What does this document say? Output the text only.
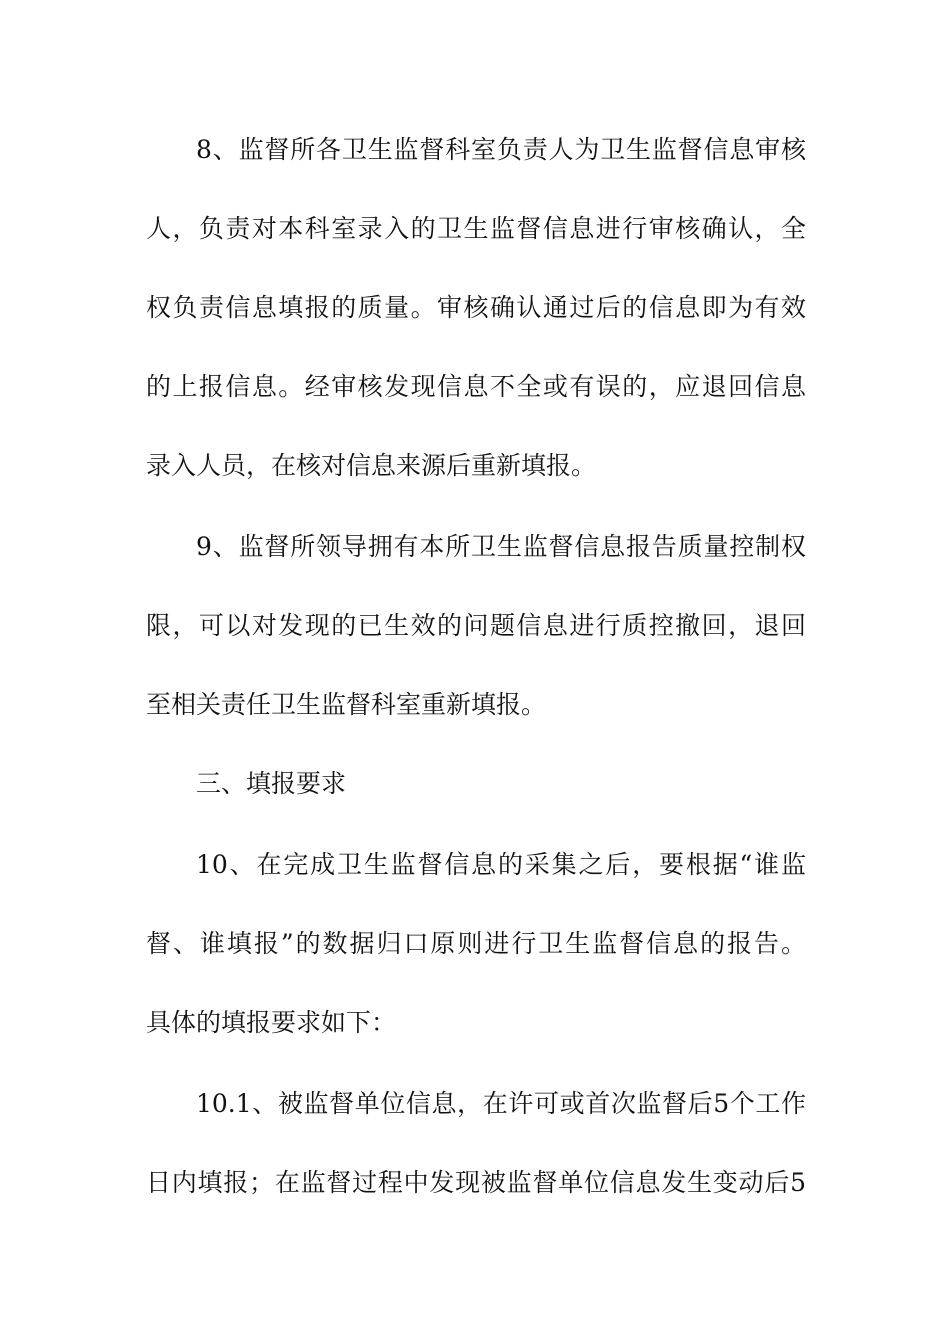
8、监督所各卫生监督科室负责人为卫生监督信息审核
人，负责对本科室录入的卫生监督信息进行审核确认，全
权负责信息填报的质量。审核确认通过后的信息即为有效
的上报信息。经审核发现信息不全或有误的，应退回信息
录入人员，在核对信息来源后重新填报。
9、监督所领导拥有本所卫生监督信息报告质量控制权
限，可以对发现的已生效的问题信息进行质控撤回，退回
至相关责任卫生监督科室重新填报。
三、填报要求
10、在完成卫生监督信息的采集之后，要根据“谁监
督、谁填报”的数据归口原则进行卫生监督信息的报告。
具体的填报要求如下：
10.1、被监督单位信息，在许可或首次监督后5个工作
日内填报；在监督过程中发现被监督单位信息发生变动后5
